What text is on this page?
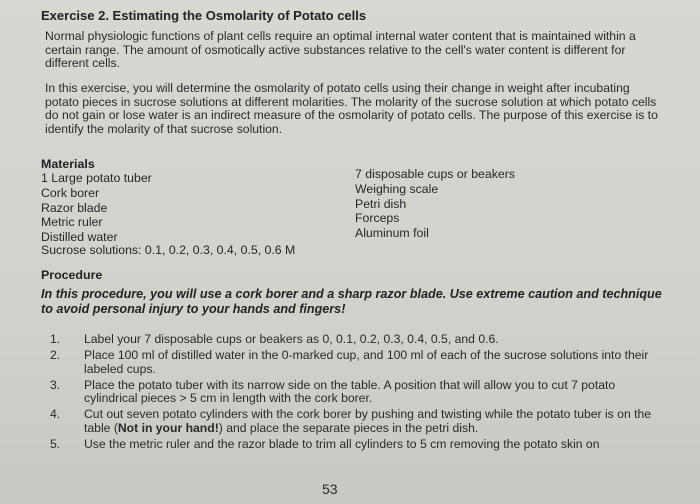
Exercise 2. Estimating the Osmolarity of Potato cells
Normal physiologic functions of plant cells require an optimal internal water content that is maintained within a certain range. The amount of osmotically active substances relative to the cell's water content is different for different cells.
In this exercise, you will determine the osmolarity of potato cells using their change in weight after incubating potato pieces in sucrose solutions at different molarities. The molarity of the sucrose solution at which potato cells do not gain or lose water is an indirect measure of the osmolarity of potato cells. The purpose of this exercise is to identify the molarity of that sucrose solution.
Materials
1 Large potato tuber
Cork borer
Razor blade
Metric ruler
Distilled water
7 disposable cups or beakers
Weighing scale
Petri dish
Forceps
Aluminum foil
Sucrose solutions: 0.1, 0.2, 0.3, 0.4, 0.5, 0.6 M
Procedure
In this procedure, you will use a cork borer and a sharp razor blade. Use extreme caution and technique to avoid personal injury to your hands and fingers!
1.	Label your 7 disposable cups or beakers as 0, 0.1, 0.2, 0.3, 0.4, 0.5, and 0.6.
2.	Place 100 ml of distilled water in the 0-marked cup, and 100 ml of each of the sucrose solutions into their labeled cups.
3.	Place the potato tuber with its narrow side on the table. A position that will allow you to cut 7 potato cylindrical pieces > 5 cm in length with the cork borer.
4.	Cut out seven potato cylinders with the cork borer by pushing and twisting while the potato tuber is on the table (Not in your hand!) and place the separate pieces in the petri dish.
5.	Use the metric ruler and the razor blade to trim all cylinders to 5 cm removing the potato skin on
53
